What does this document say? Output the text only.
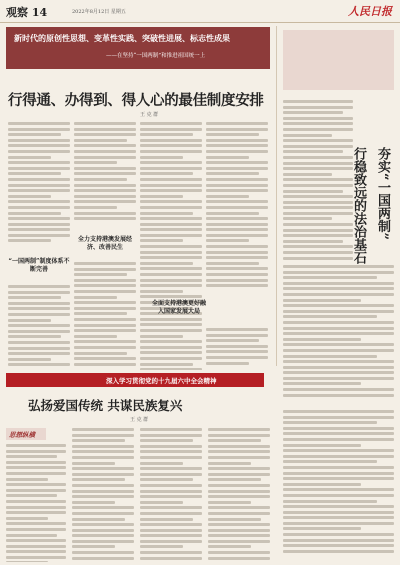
观察 14	2022年8月12日 星期五	人民日报
新时代的原创性思想、变革性实践、突破性进展、标志性成果
——在坚持“一国两制”和推进祖国统一上
行得通、办得到、得人心的最佳制度安排
王 克 群
“一国两制”制度体系不断完善
全力支持港澳发展经济、改善民生
全面支持港澳更好融入国家发展大局
夯实“一国两制”
行稳致远的法治基石
深入学习贯彻党的十九届六中全会精神
弘扬爱国传统 共谋民族复兴
王 克 群
思想纵横
